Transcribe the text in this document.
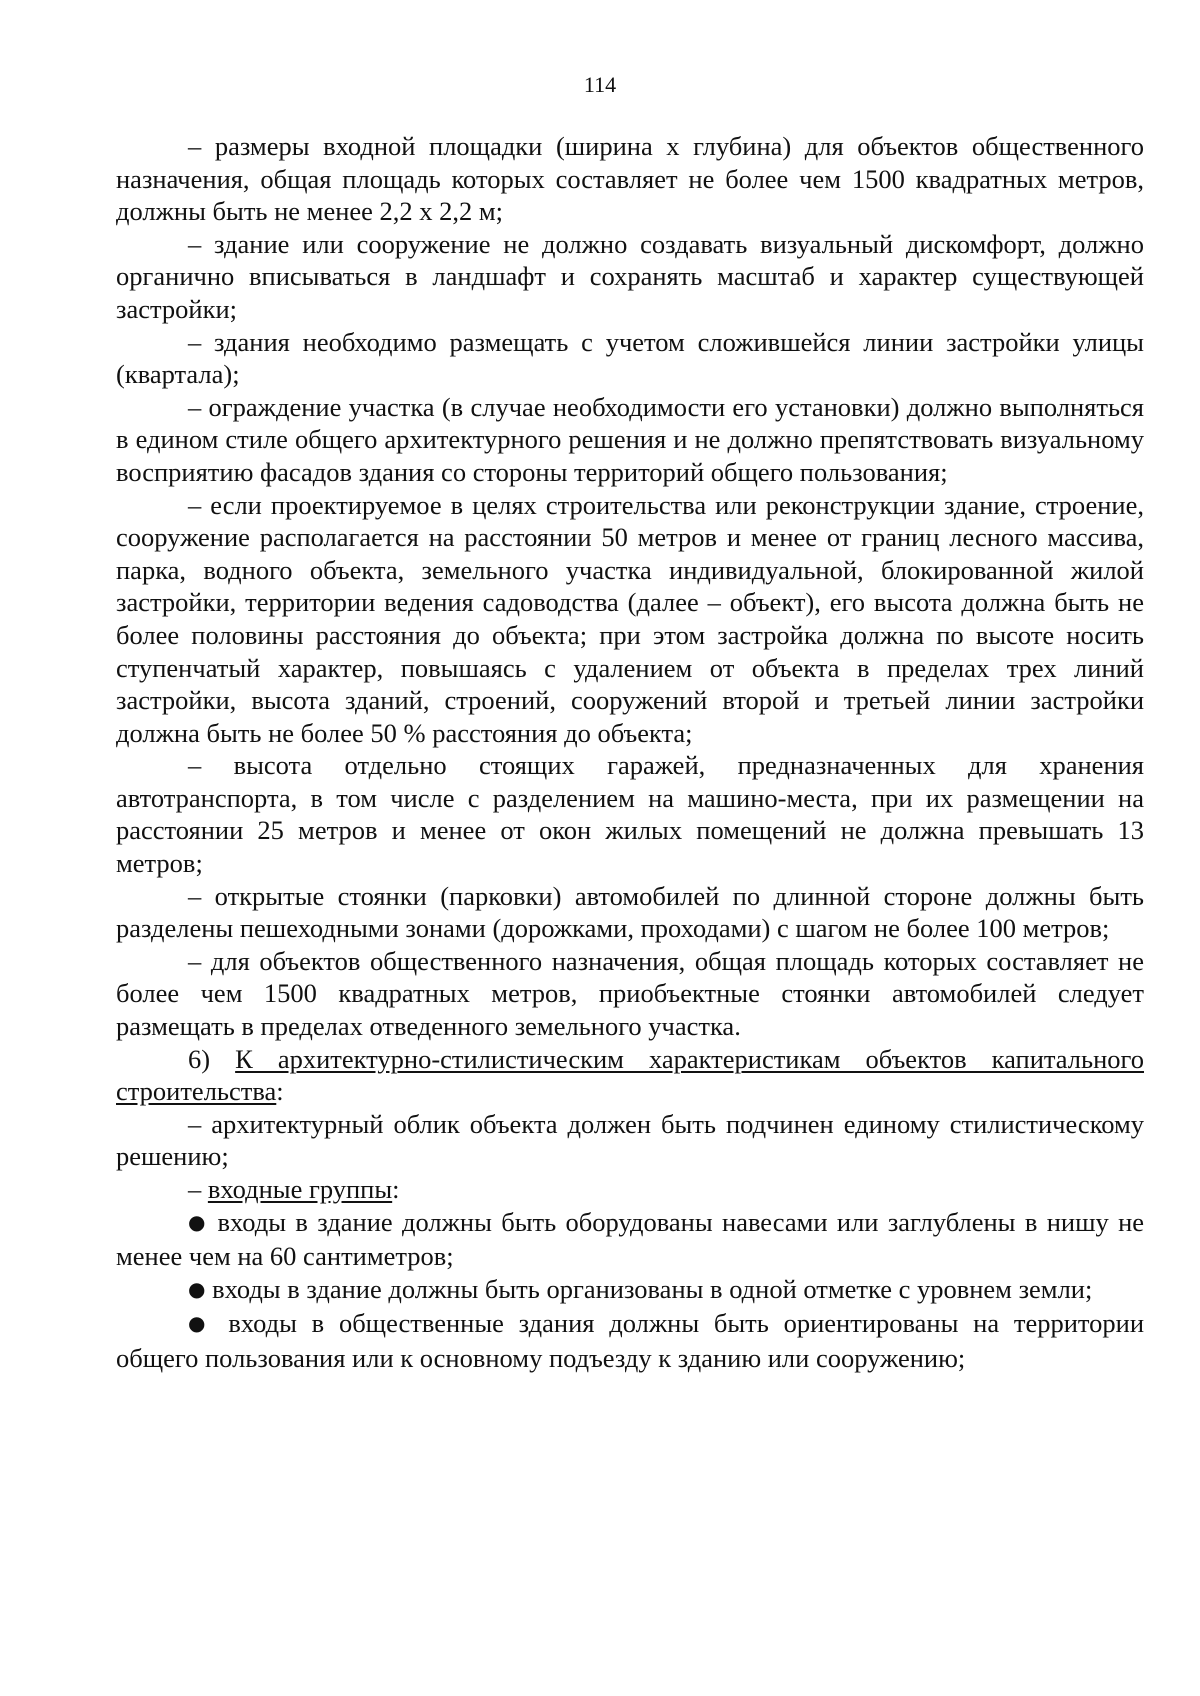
114

– размеры входной площадки (ширина х глубина) для объектов общественного назначения, общая площадь которых составляет не более чем 1500 квадратных метров, должны быть не менее 2,2 х 2,2 м;

– здание или сооружение не должно создавать визуальный дискомфорт, должно органично вписываться в ландшафт и сохранять масштаб и характер существующей застройки;

– здания необходимо размещать с учетом сложившейся линии застройки улицы (квартала);

– ограждение участка (в случае необходимости его установки) должно выполняться в едином стиле общего архитектурного решения и не должно препятствовать визуальному восприятию фасадов здания со стороны территорий общего пользования;

– если проектируемое в целях строительства или реконструкции здание, строение, сооружение располагается на расстоянии 50 метров и менее от границ лесного массива, парка, водного объекта, земельного участка индивидуальной, блокированной жилой застройки, территории ведения садоводства (далее – объект), его высота должна быть не более половины расстояния до объекта; при этом застройка должна по высоте носить ступенчатый характер, повышаясь с удалением от объекта в пределах трех линий застройки, высота зданий, строений, сооружений второй и третьей линии застройки должна быть не более 50 % расстояния до объекта;

– высота отдельно стоящих гаражей, предназначенных для хранения автотранспорта, в том числе с разделением на машино-места, при их размещении на расстоянии 25 метров и менее от окон жилых помещений не должна превышать 13 метров;

– открытые стоянки (парковки) автомобилей по длинной стороне должны быть разделены пешеходными зонами (дорожками, проходами) с шагом не более 100 метров;

– для объектов общественного назначения, общая площадь которых составляет не более чем 1500 квадратных метров, приобъектные стоянки автомобилей следует размещать в пределах отведенного земельного участка.

6) К архитектурно-стилистическим характеристикам объектов капитального строительства:

– архитектурный облик объекта должен быть подчинен единому стилистическому решению;

– входные группы:

● входы в здание должны быть оборудованы навесами или заглублены в нишу не менее чем на 60 сантиметров;

● входы в здание должны быть организованы в одной отметке с уровнем земли;

● входы в общественные здания должны быть ориентированы на территории общего пользования или к основному подъезду к зданию или сооружению;
